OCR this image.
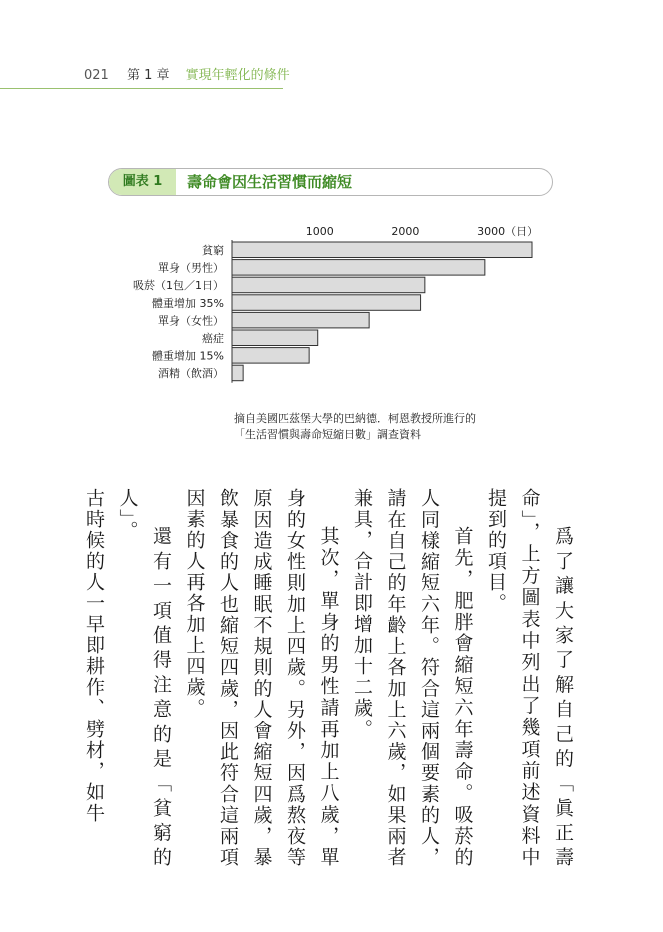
021 第 1 章 實現年輕化的條件
圖表 1	壽命會因生活習慣而縮短
1000	2000	3000（日）
貧窮
單身（男性）
吸菸（1包／1日）
體重增加 35%
單身（女性）
癌症
體重增加 15%
酒精（飲酒）
摘自美國匹茲堡大學的巴納德．柯恩教授所進行的
「生活習慣與壽命短縮日數」調查資料

爲了讓大家了解自己的「眞正壽命」，上方圖表中列出了幾項前述資料中提到的項目。

首先，肥胖會縮短六年壽命。吸菸的人同樣縮短六年。符合這兩個要素的人，請在自己的年齡上各加上六歲，如果兩者兼具，合計即增加十二歲。

其次，單身的男性請再加上八歲，單身的女性則加上四歲。另外，因爲熬夜等原因造成睡眠不規則的人會縮短四歲，暴飲暴食的人也縮短四歲，因此符合這兩項因素的人再各加上四歲。

還有一項值得注意的是「貧窮的人」。

古時候的人一早即耕作、劈材，如牛
